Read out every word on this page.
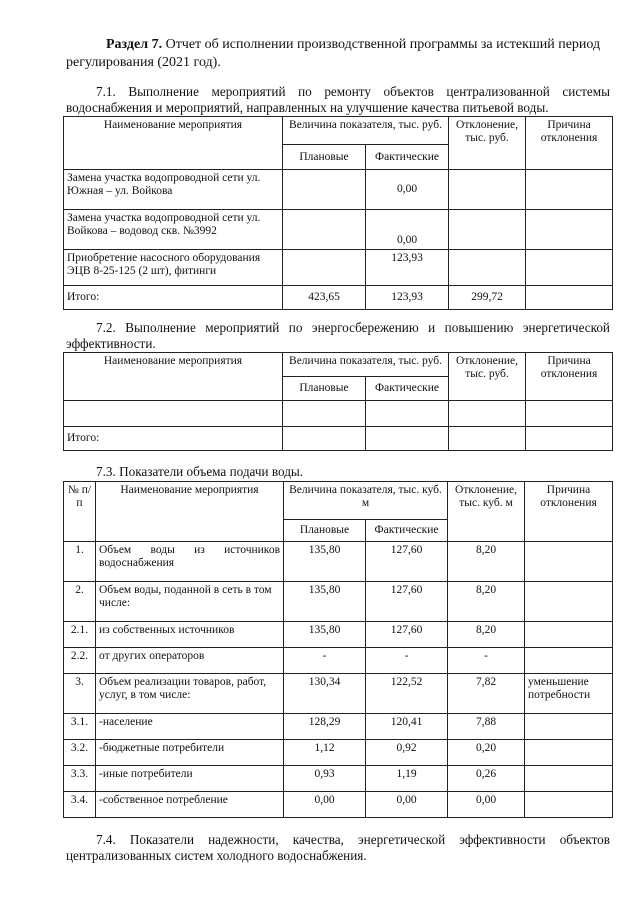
Раздел 7. Отчет об исполнении производственной программы за истекший период регулирования (2021 год).
7.1. Выполнение мероприятий по ремонту объектов централизованной системы водоснабжения и мероприятий, направленных на улучшение качества питьевой воды.
Наименование мероприятия	Величина показателя, тыс. руб.		Отклонение, тыс. руб.	Причина отклонения
	Плановые	Фактические		
Замена участка водопроводной сети ул. Южная – ул. Войкова		0,00		
Замена участка водопроводной сети ул. Войкова – водовод скв. №3992		0,00		
Приобретение насосного оборудования ЭЦВ 8-25-125 (2 шт), фитинги		123,93		
Итого:	423,65	123,93	299,72	
7.2. Выполнение мероприятий по энергосбережению и повышению энергетической эффективности.
Наименование мероприятия	Величина показателя, тыс. руб.		Отклонение, тыс. руб.	Причина отклонения
	Плановые	Фактические		

Итого:				
7.3. Показатели объема подачи воды.
№ п/п	Наименование мероприятия	Величина показателя, тыс. куб. м		Отклонение, тыс. куб. м	Причина отклонения
		Плановые	Фактические		
1.	Объем воды из источников водоснабжения	135,80	127,60	8,20	
2.	Объем воды, поданной в сеть в том числе:	135,80	127,60	8,20	
2.1.	из собственных источников	135,80	127,60	8,20	
2.2.	от других операторов	-	-	-	
3.	Объем реализации товаров, работ, услуг, в том числе:	130,34	122,52	7,82	уменьшение потребности
3.1.	-население	128,29	120,41	7,88	
3.2.	-бюджетные потребители	1,12	0,92	0,20	
3.3.	-иные потребители	0,93	1,19	0,26	
3.4.	-собственное потребление	0,00	0,00	0,00	
7.4. Показатели надежности, качества, энергетической эффективности объектов централизованных систем холодного водоснабжения.
